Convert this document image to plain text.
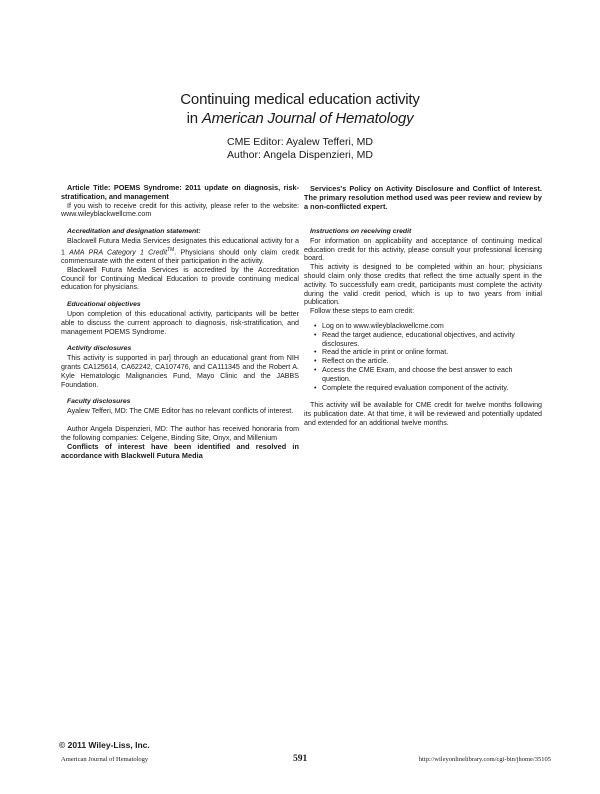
Continuing medical education activity
in American Journal of Hematology
CME Editor: Ayalew Tefferi, MD
Author: Angela Dispenzieri, MD

Article Title: POEMS Syndrome: 2011 update on diagnosis, risk-stratification, and management

If you wish to receive credit for this activity, please refer to the website: www.wileyblackwellcme.com

Accreditation and designation statement:

Blackwell Futura Media Services designates this educational activity for a 1 AMA PRA Category 1 Credit™. Physicians should only claim credit commensurate with the extent of their participation in the activity.

Blackwell Futura Media Services is accredited by the Accreditation Council for Continuing Medical Education to provide continuing medical education for physicians.

Educational objectives

Upon completion of this educational activity, participants will be better able to discuss the current approach to diagnosis, risk-stratification, and management POEMS Syndrome.

Activity disclosures

This activity is supported in par] through an educational grant from NIH grants CA125614, CA62242, CA107476, and CA111345 and the Robert A. Kyle Hematologic Malignancies Fund, Mayo Clinic and the JABBS Foundation.

Faculty disclosures

Ayalew Tefferi, MD: The CME Editor has no relevant conflicts of interest.

Author Angela Dispenzieri, MD: The author has received honoraria from the following companies: Celgene, Binding Site, Onyx, and Millenium

Conflicts of interest have been identified and resolved in accordance with Blackwell Futura Media

Services's Policy on Activity Disclosure and Conflict of Interest. The primary resolution method used was peer review and review by a non-conflicted expert.

Instructions on receiving credit

For information on applicability and acceptance of continuing medical education credit for this activity, please consult your professional licensing board.

This activity is designed to be completed within an hour; physicians should claim only those credits that reflect the time actually spent in the activity. To successfully earn credit, participants must complete the activity during the valid credit period, which is up to two years from initial publication.

Follow these steps to earn credit:

• Log on to www.wileyblackwellcme.com
• Read the target audience, educational objectives, and activity disclosures.
• Read the article in print or online format.
• Reflect on the article.
• Access the CME Exam, and choose the best answer to each question.
• Complete the required evaluation component of the activity.

This activity will be available for CME credit for twelve months following its publication date. At that time, it will be reviewed and potentially updated and extended for an additional twelve months.

© 2011 Wiley-Liss, Inc.
American Journal of Hematology	591	http://wileyonlinelibrary.com/cgi-bin/jhome/35105
